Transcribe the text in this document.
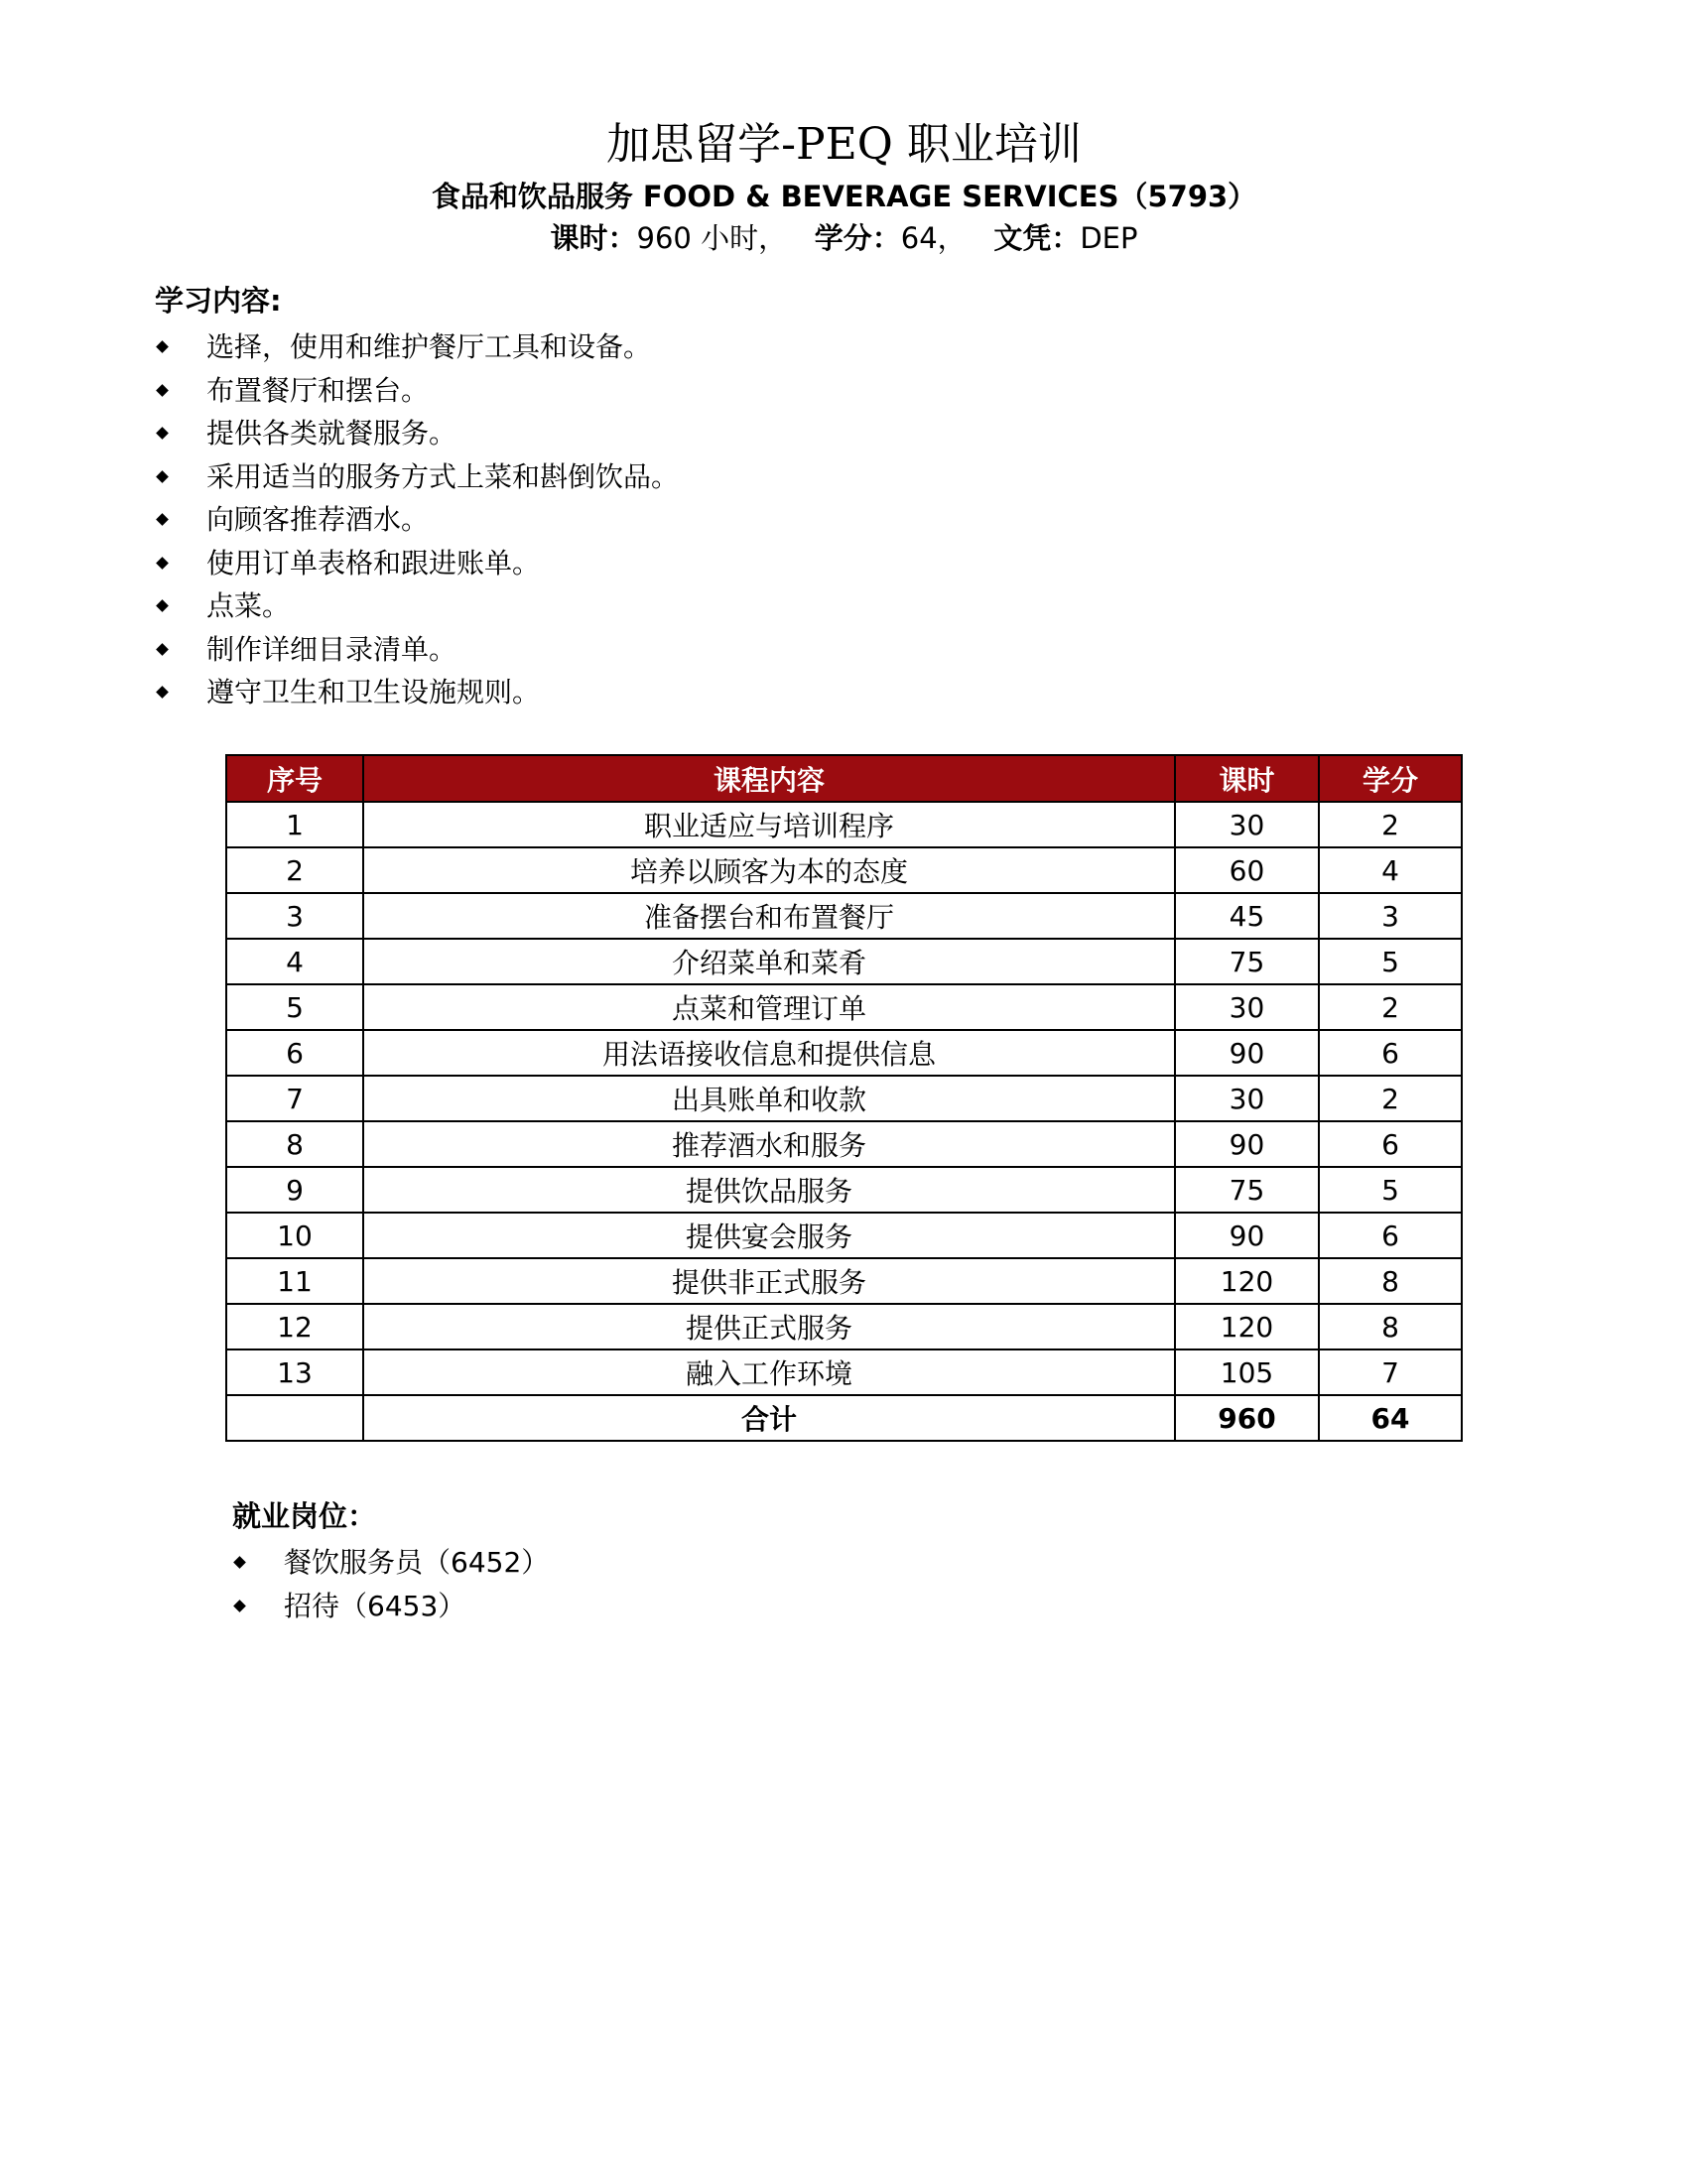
加思留学-PEQ 职业培训
食品和饮品服务 FOOD & BEVERAGE SERVICES（5793）
课时：960 小时， 学分：64， 文凭：DEP
学习内容:
选择，使用和维护餐厅工具和设备。
布置餐厅和摆台。
提供各类就餐服务。
采用适当的服务方式上菜和斟倒饮品。
向顾客推荐酒水。
使用订单表格和跟进账单。
点菜。
制作详细目录清单。
遵守卫生和卫生设施规则。
序号	课程内容	课时	学分
1	职业适应与培训程序	30	2
2	培养以顾客为本的态度	60	4
3	准备摆台和布置餐厅	45	3
4	介绍菜单和菜肴	75	5
5	点菜和管理订单	30	2
6	用法语接收信息和提供信息	90	6
7	出具账单和收款	30	2
8	推荐酒水和服务	90	6
9	提供饮品服务	75	5
10	提供宴会服务	90	6
11	提供非正式服务	120	8
12	提供正式服务	120	8
13	融入工作环境	105	7
	合计	960	64
就业岗位：
餐饮服务员（6452）
招待（6453）
